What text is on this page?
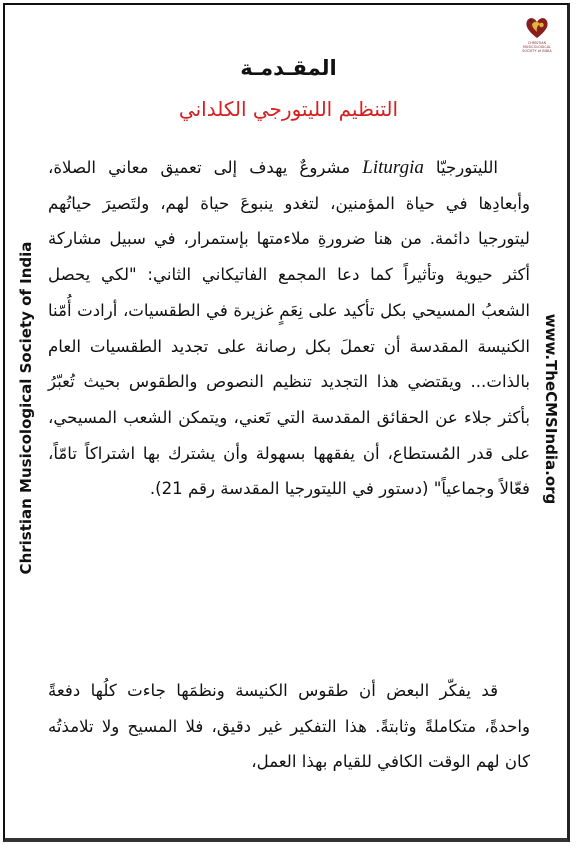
CHRISTIAN
MUSICOLOGICAL
SOCIETY of INDIA
Christian Musicological Society of India	www.TheCMSIndia.org
المقـدمـة
التنظيم الليتورجي الكلداني
الليتورجيّا Liturgia مشروعٌ يهدف إلى تعميق معاني الصلاة، وأبعادِها في حياة المؤمنين، لتغدو ينبوعَ حياة لهم، ولتَصيرَ حياتُهم ليتورجيا دائمة. من هنا ضرورةِ ملاءمتها بإستمرار، في سبيل مشاركة أكثر حيوية وتأثيراً كما دعا المجمع الفاتيكاني الثاني: "لكي يحصل الشعبُ المسيحي بكل تأكيد على نِعَمٍ غزيرة في الطقسيات، أرادت أُمّنا الكنيسة المقدسة أن تعملَ بكل رصانة على تجديد الطقسيات العام بالذات... ويقتضي هذا التجديد تنظيم النصوص والطقوس بحيث تُعبّرُ بأكثر جلاء عن الحقائق المقدسة التي تَعني، ويتمكن الشعب المسيحي، على قدر المُستطاع، أن يفقهها بسهولة وأن يشترك بها اشتراكاً تامّاً، فعّالاً وجماعياً" (دستور في الليتورجيا المقدسة رقم 21).
قد يفكّر البعض أن طقوس الكنيسة ونظمَها جاءت كلُها دفعةً واحدةً، متكاملةً وثابتةً. هذا التفكير غير دقيق، فلا المسيح ولا تلامذتُه كان لهم الوقت الكافي للقيام بهذا العمل،
